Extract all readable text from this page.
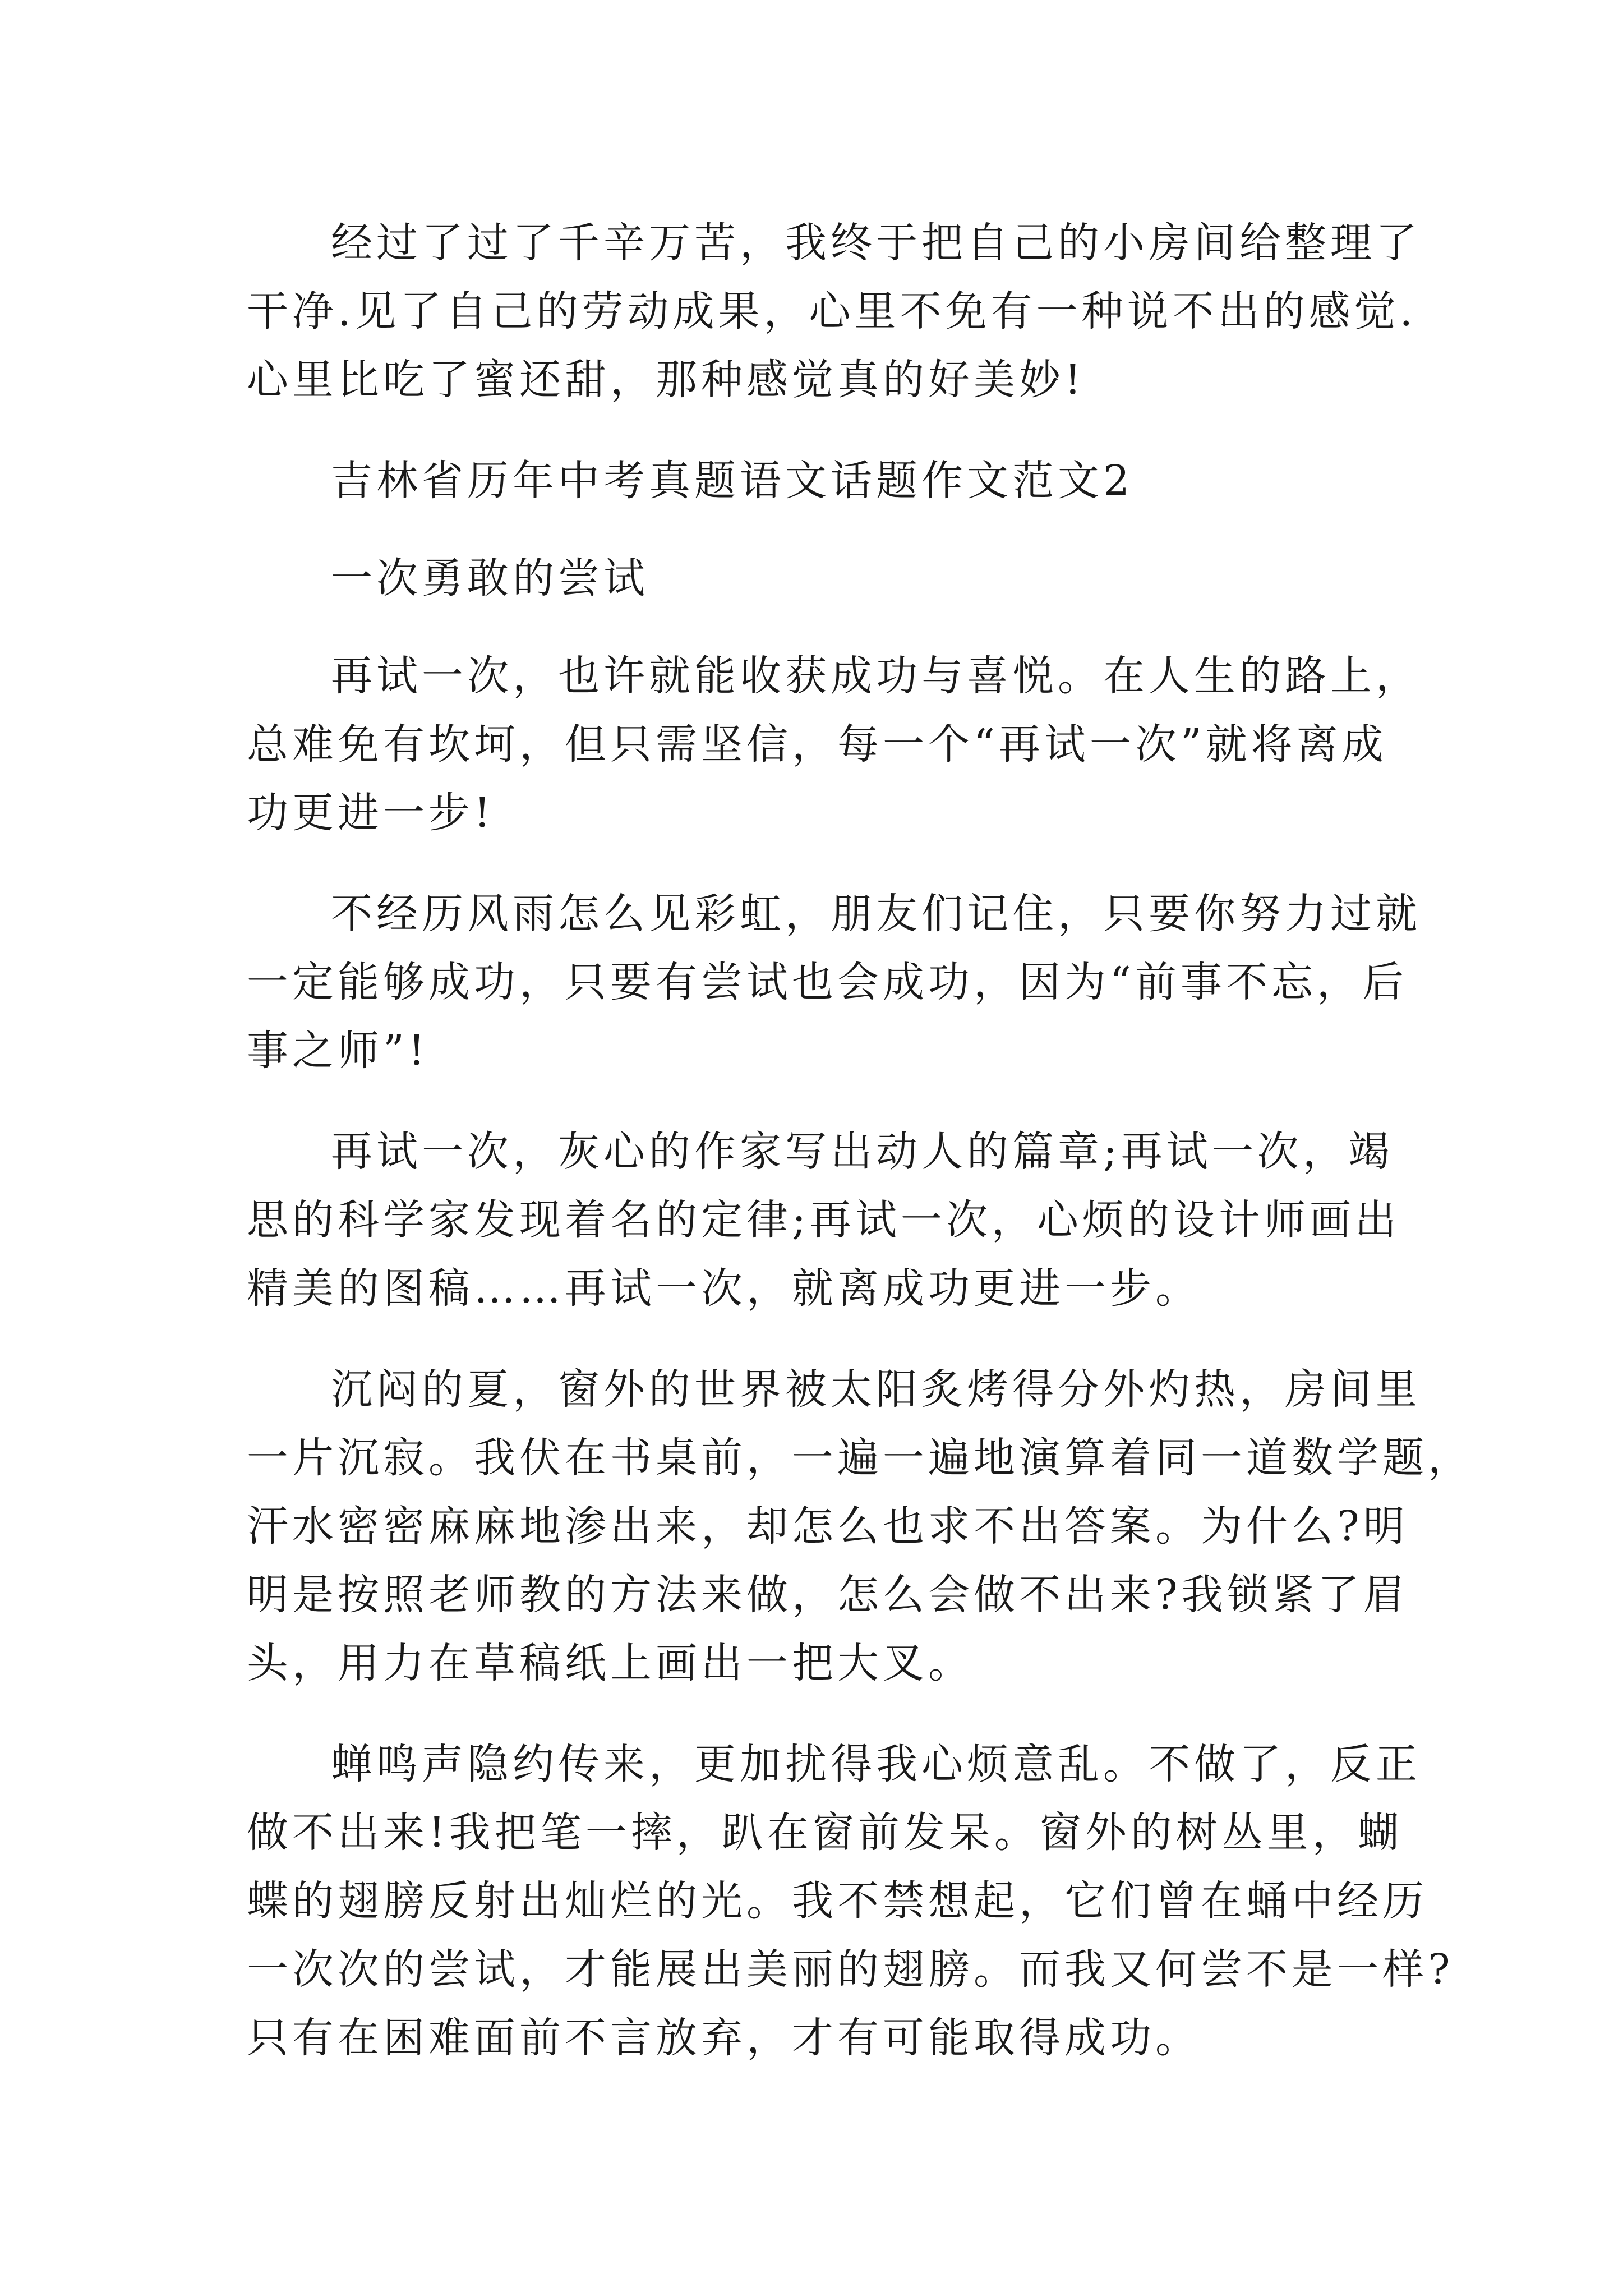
经过了过了千辛万苦，我终于把自己的小房间给整理了

干净.见了自己的劳动成果，心里不免有一种说不出的感觉.

心里比吃了蜜还甜，那种感觉真的好美妙!

吉林省历年中考真题语文话题作文范文2

一次勇敢的尝试

再试一次，也许就能收获成功与喜悦。在人生的路上，

总难免有坎坷，但只需坚信，每一个“再试一次”就将离成

功更进一步!

不经历风雨怎么见彩虹，朋友们记住，只要你努力过就

一定能够成功，只要有尝试也会成功，因为“前事不忘，后

事之师”!

再试一次，灰心的作家写出动人的篇章;再试一次，竭

思的科学家发现着名的定律;再试一次，心烦的设计师画出

精美的图稿……再试一次，就离成功更进一步。

沉闷的夏，窗外的世界被太阳炙烤得分外灼热，房间里

一片沉寂。我伏在书桌前，一遍一遍地演算着同一道数学题，

汗水密密麻麻地渗出来，却怎么也求不出答案。为什么?明

明是按照老师教的方法来做，怎么会做不出来?我锁紧了眉

头，用力在草稿纸上画出一把大叉。

蝉鸣声隐约传来，更加扰得我心烦意乱。不做了，反正

做不出来!我把笔一摔，趴在窗前发呆。窗外的树丛里，蝴

蝶的翅膀反射出灿烂的光。我不禁想起，它们曾在蛹中经历

一次次的尝试，才能展出美丽的翅膀。而我又何尝不是一样?

只有在困难面前不言放弃，才有可能取得成功。
